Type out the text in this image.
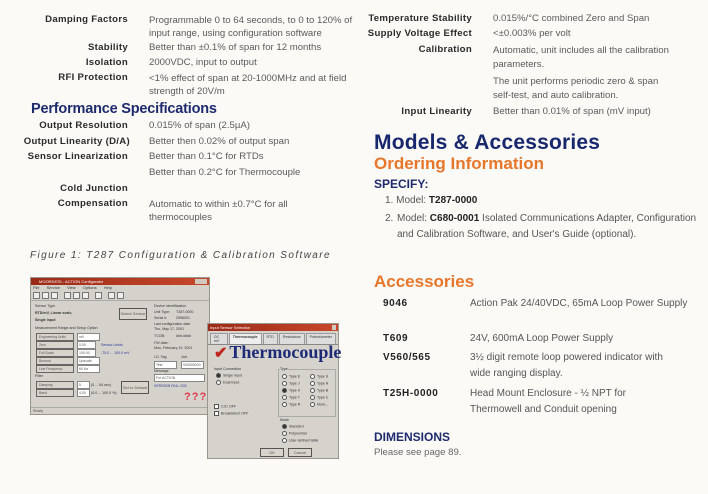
Damping Factors Programmable 0 to 64 seconds, to 0 to 120% of input range, using configuration software
Stability Better than ±0.1% of span for 12 months
Isolation 2000VDC, input to output
RFI Protection <1% effect of span at 20-1000MHz and at field strength of 20V/m
Performance Specifications
Output Resolution 0.015% of span (2.5µA)
Output Linearity (D/A) Better then 0.02% of output span
Sensor Linearization Better than 0.1°C for RTDs
Better than 0.2°C for Thermocouple
Cold Junction
Compensation Automatic to within ±0.7°C for all thermocouples
Figure 1: T287 Configuration & Calibration Software
MOORE/ESI - ACTION Configurator
File Service View Options Help
Sensor Type
RTD/mV, Linear scale,
Single Input
Select Sensor
Measurement Range and Setup Option
Engineering Units	mV
Zero	0.00
Full Scale	100.00
Burnout	Upscale
Line Frequency	60 Hz
Sensor Limits
-75.0 ... 100.0 mV
Filter
Damping	5	(0 ... 64 sec)
Band	4.00	(0.0 ... 100.0 %)
Set to Default
Device Identification
Unit Type: T287-0000
Serial #: 2596001
Last configuration date
Thu, May 17, 2001
TCOB:	###.####
FW date:
Mon, February 19, 2001
I.D. Tag:	Job:
Test	000000000
Message
For ACTION
VERSION FAIL: 003
???
Ready
Input Sensor Selection
DC mV
Thermocouple	RTD	Resistance	Potentiometer
✔ Thermocouple
Input Connection
Single Input
Dual Input
Type
Type E
Type J
Type K
Type T
Type R
Type S
Type N
Type B
Type C
More...
CJC OFF
Breakdetect OFF
Mode
Standard
Polynomial
User-defined table
OK	Cancel
Temperature Stability 0.015%/°C combined Zero and Span
Supply Voltage Effect <±0.003% per volt
Calibration Automatic, unit includes all the calibration parameters.
The unit performs periodic zero & span self-test, and auto calibration.
Input Linearity Better than 0.01% of span (mV input)
Models & Accessories
Ordering Information
SPECIFY:
1. Model: T287-0000
2. Model: C680-0001 Isolated Communications Adapter, Configuration and Calibration Software, and User's Guide (optional).
Accessories
9046	Action Pak 24/40VDC, 65mA Loop Power Supply
T609	24V, 600mA Loop Power Supply
V560/565	3½ digit remote loop powered indicator with wide ranging display.
T25H-0000	Head Mount Enclosure - ½ NPT for Thermowell and Conduit opening
DIMENSIONS
Please see page 89.
